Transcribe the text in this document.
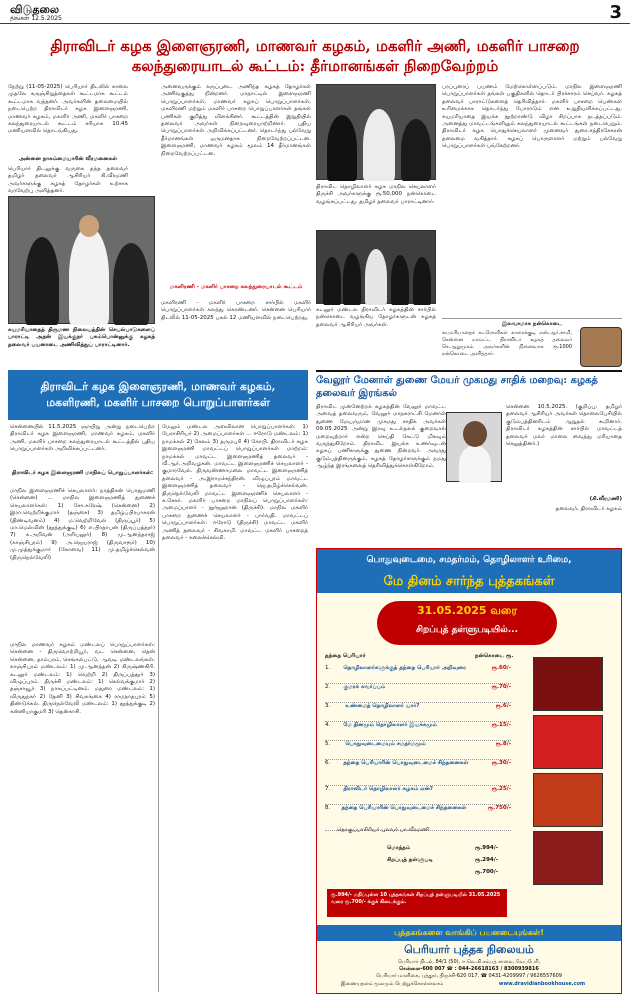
விடுதலை
திங்கள் 12.5.2025	3
திராவிடர் கழக இளைஞரணி, மாணவர் கழகம், மகளிர் அணி, மகளிர் பாசறை கலந்துரையாடல் கூட்டம்: தீர்மானங்கள் நிறைவேற்றம்
நேற்று (11-05-2025) பெரியார் திடலில் காலை முதலே கருஞ்சிறுத்தைகள் கூட்டமாக கூட்டம் கூட்டமாக வந்தனர். அவர்களின் தலைமையில் நடைபெற்ற திராவிடர் கழக இளைஞரணி, மாணவர் கழகம், மகளிர் அணி, மகளிர் பாசறை கலந்துரையாடல் கூட்டம் சரியாக 10.45 மணியளவில் தொடங்கியது.
அன்னை நாகம்மையாரின் வீரமனைகள்
பெரியார் திடலுக்கு வருகை தந்த தலைவர் தமிழர் தலைவர் ஆசிரியர் கி.வீரமணி அவர்களுக்கு கழகத் தோழர்கள் உற்சாக வரவேற்பு அளித்தனர்.
சுயமரியாதைத் திருமண நிலையத்தின் செயல்பாடுகளைப் பாராட்டி அதன் இயக்குநர் பசும்பொன்னுக்கு கழகத் தலைவர் பயனாடை அணிவித்துப் பாராட்டினார்.
அனைவருக்கும் கருப்புடை அணிந்த கழகத் தோழர்கள் அணிவகுத்து நின்றனர். மாநாட்டில் இளைஞரணி பொறுப்பாளர்கள், மாணவர் கழகப் பொறுப்பாளர்கள், மகளிரணி மற்றும் மகளிர் பாசறை பொறுப்பாளர்கள் தங்கள் பணிகள் குறித்து விளக்கினர். கூட்டத்தின் இறுதியில் தலைவர் அவர்கள் நிறைவுரையாற்றினார். புதிய பொறுப்பாளர்கள் அறிவிக்கப்பட்டனர். தொடர்ந்து பல்வேறு தீர்மானங்கள் ஒருமனதாக நிறைவேற்றப்பட்டன. இளைஞரணி, மாணவர் கழகம் மூலம் 14 தீர்மானங்கள் நிறைவேற்றப்பட்டன.
மகளிரணி - மகளிர் பாசறை கலந்துரையாடல் கூட்டம்
மகளிரணி - மகளிர் பாசறை சார்பில் மகளிர் பொறுப்பாளர்கள் கலந்து கொண்டனர். சென்னை பெரியார் திடலில் 11-05-2025 பகல் 12 மணியளவில் நடைபெற்றது.
திராவிட தொழிலாளர் கழக மாநில செயலாளர் திருச்சி அவர்களுக்கு ரூ.50,000 நன்கொடை வழங்கப்பட்டது. தமிழர் தலைவர் பாராட்டினார்.
கடலூர் மண்டல திராவிடர் கழகத்தின் சார்பில் நன்கொடை வழங்கிய தோழர்களுடன் கழகத் தலைவர் ஆசிரியர் அவர்கள்.
பரப்புரைப் பயணம் மேற்கொள்ளப்படும். மாநில இளைஞரணி பொறுப்பாளர்கள் தங்கள் பகுதிகளில் தொடர் பிரச்சாரம் செய்வர். கழகத் தலைவர் பாராட்டுகளைத் தெரிவித்தார். மகளிர் பாசறை பெண்கள் உரிமைக்காக தொடர்ந்து போராடும் என உறுதியளிக்கப்பட்டது. சுயமரியாதை இயக்க நூற்றாண்டு விழா சிறப்பாக நடத்தப்படும். அனைத்து மாவட்டங்களிலும் கலந்துரையாடல் கூட்டங்கள் நடைபெறும். திராவிடர் கழக பொதுச்செயலாளர் முனைவர் துரை.சந்திரசேகரன் தலைமை வகித்தார். கழகப் பொருளாளர் மற்றும் பல்வேறு பொறுப்பாளர்கள் பங்கேற்றனர்.
இலவசமாக நன்கொடை
சுயமரியாதைச் சுடரொளிகள் காரைக்குடி என்.ஆர்.சாமி, சென்னை மாவட்ட திராவிடர் கழகத் தலைவர் செ.ஆறுமுகம் அவர்களின் நினைவாக ரூ.1000 நன்கொடை அளித்தார்.
திராவிடர் கழக இளைஞரணி, மாணவர் கழகம், மகளிரணி, மகளிர் பாசறை பொறுப்பாளர்கள்
சென்னையில் 11.5.2025 ஞாயிறு அன்று நடைபெற்ற திராவிடர் கழக இளைஞரணி, மாணவர் கழகம், மகளிர் அணி, மகளிர் பாசறை கலந்துரையாடல் கூட்டத்தில் புதிய பொறுப்பாளர்கள் அறிவிக்கப்பட்டனர்.
திராவிடர் கழக இளைஞரணி மாநிலப் பொறுப்பாளர்கள்:
மாநில இளைஞரணிச் செயலாளர்: நாத்திகன் பொதுமணி (சென்னை) ... மாநில இளைஞரணித் துணைச் செயலாளர்கள்: 1) சோ.சுரேஷ் (சென்னை) 2) இரா.வெற்றிக்குமார் (தஞ்சை) 3) தமிழ்ப்பிரபாகரன் (திண்டிவனம்) 4) ம.வெற்றிவேல் (திருப்பூர்) 5) மா.மெல்வின் (தூத்துக்குடி) 6) எ.பிரதாபன் (திருப்பத்தூர்) 7) க.அறிவன் (அரியலூர்) 8) மு.ஆனந்தராஜ் (காஞ்சிபுரம்) 9) அ.ஜெயராஜ் (திருவாரூர்) 10) மு.முத்துக்குமார் (கோவை) 11) மு.தமிழ்ச்செல்வன் (திருநெல்வேலி)
மாநில மாணவர் கழகம் மண்டலப் பொறுப்பாளர்கள்: சென்னை - திருவொற்றியூர், வட சென்னை, தென் சென்னை, தாம்பரம், செங்கல்பட்டு, ஆவடி மண்டலங்கள். காஞ்சிபுரம் மண்டலம்: 1) மு.ஆனந்தன் 2) கிருஷ்ணகிரி. கடலூர் மண்டலம்: 1) வெற்றி 2) திருப்பத்தூர் 3) விழுப்புரம். திருச்சி மண்டலம்: 1) செல்வக்குமார் 2) தஞ்சாவூர் 3) நாகப்பட்டினம். மதுரை மண்டலம்: 1) விருதுநகர் 2) தேனி 3) சிவகங்கை 4) ராமநாதபுரம் 5) திண்டுக்கல். திருநெல்வேலி மண்டலம்: 1) தூத்துக்குடி 2) கன்னியாகுமரி 3) தென்காசி.
மேலும் மண்டல அளவிலான பொறுப்பாளர்கள்: 1) பேராசிரியர் 2) அமைப்பாளர்கள் ... ஈரோடு மண்டலம்: 1) நாமக்கல் 2) சேலம் 3) தருமபுரி 4) கோபி. திராவிடர் கழக இளைஞரணி மாவட்டப் பொறுப்பாளர்கள் மாற்றம்: நாமக்கல் மாவட்ட இளைஞரணித் தலைவர் - வீ.ஆர்.அறிவழகன். மாவட்ட இளைஞரணிச் செயலாளர் - குமாரவேல். திருவண்ணாமலை மாவட்ட இளைஞரணித் தலைவர் - அ.இராமச்சந்திரன். விழுப்புரம் மாவட்ட இளைஞரணித் தலைவர் - ஜெ.தமிழ்ச்செல்வன். திருநெல்வேலி மாவட்ட இளைஞரணிச் செயலாளர் - சு.சேகர். மகளிர் பாசறை மாநிலப் பொறுப்பாளர்கள்: அமைப்பாளர் - நூர்ஜஹான் (திருச்சி). மாநில மகளிர் பாசறை துணைச் செயலாளர் - பார்வதி. மாவட்டப் பொறுப்பாளர்கள்: ஈரோடு (திருச்சி) மாவட்ட மகளிர் அணித் தலைவர் - சிவகாமி. மாவட்ட மகளிர் பாசறைத் தலைவர் - கலைச்செல்வி.
வேலூர் மேனாள் துணை மேயர் முகமது சாதிக் மறைவு: கழகத் தலைவர் இரங்கல்
திராவிட முன்னேற்றக் கழகத்தின் வேலூர் மாவட்ட அவைத் தலைவரும், வேலூர் மாநகராட்சி மேனாள் துணை மேயருமான முகமது சாதிக் அவர்கள் 09.05.2025 அன்று இரவு உடல்நலக் குறைவால் மறைவுற்றார் என்ற செய்தி கேட்டு மிகவும் வருந்துகிறோம். திராவிட இயக்க உணர்வுடன் கழகப் பணிகளுக்கு துணை நின்றவர். அவரது குடும்பத்தினருக்கும், கழகத் தோழர்களுக்கும் நமது ஆழ்ந்த இரங்கலைத் தெரிவித்துக்கொள்கிறோம்.
சென்னை 10.5.2025. (குறிப்பு: தமிழர் தலைவர் ஆசிரியர் அவர்கள் தொலைபேசியில் குடும்பத்தினரிடம் ஆறுதல் கூறினார். திராவிடர் கழகத்தின் சார்பில் மாவட்டத் தலைவர் மலர் மாலை வைத்து மரியாதை செலுத்தினர்.)
(கி.வீரமணி)
தலைவர், திராவிடர் கழகம்
பொதுவுடைமை, சமதர்மம், தொழிலாளர் உரிமை,
மே தினம் சார்ந்த புத்தகங்கள்
31.05.2025 வரை
சிறப்புத் தள்ளுபடியில்...
தந்தை பெரியார்	நன்கொடை ரூ.
1.	தொழிலாளர்களுக்குத் தந்தை பெரியார் அறிவுரை	ரூ.60/-
2.	குமரக் கவர்ப்பம்	ரூ.70/-
3.	உண்மைத் தொழிலாளர் யார்?	ரூ.6/-
4.	மே தினமும் தொழிலாளர் இயக்கமும்	ரூ.15/-
5.	பொதுவுடைமையும் சமதர்மமும்	ரூ.8/-
6.	தந்தை பெரியாரின் பொதுவுடைமைச் சிந்தனைகள்	ரூ.30/-
7.	திராவிடர் தொழிலாளர் கழகம் ஏன்?	ரூ.25/-
8.	தந்தை பெரியாரின் பொதுவுடைமைச் சிந்தனைகள்	ரூ.750/-
தொகுப்பாசிரியர் புலவர் பா.வீரமணி
மொத்தம்	ரூ.994/-
சிறப்புத் தள்ளுபடி	ரூ.294/-
ரூ.700/-
ரூ.994/- மதிப்புள்ள 10 புத்தகங்கள் சிறப்புத் தள்ளுபடியில் 31.05.2025 வரை ரூ.700/- க்குக் கிடைக்கும்.
புத்தகங்களை வாங்கிப் பயனடையுங்கள்!
பெரியார் புத்தக நிலையம்
பெரியார் திடல், 84/1 (50), ஈ.வெ.கி.சம்பத் சாலை, வேப்பேரி,
சென்னை-600 007 ☎ : 044-26618163 / 8300939816
பெரியார் மாளிகை, புத்தூர், திருச்சி-620 017. ☎ 0431-4209997 / 9626557609
இணையதளம் மூலமும் பெற்றுக்கொள்ளலாம்	www.dravidianbookhouse.com
